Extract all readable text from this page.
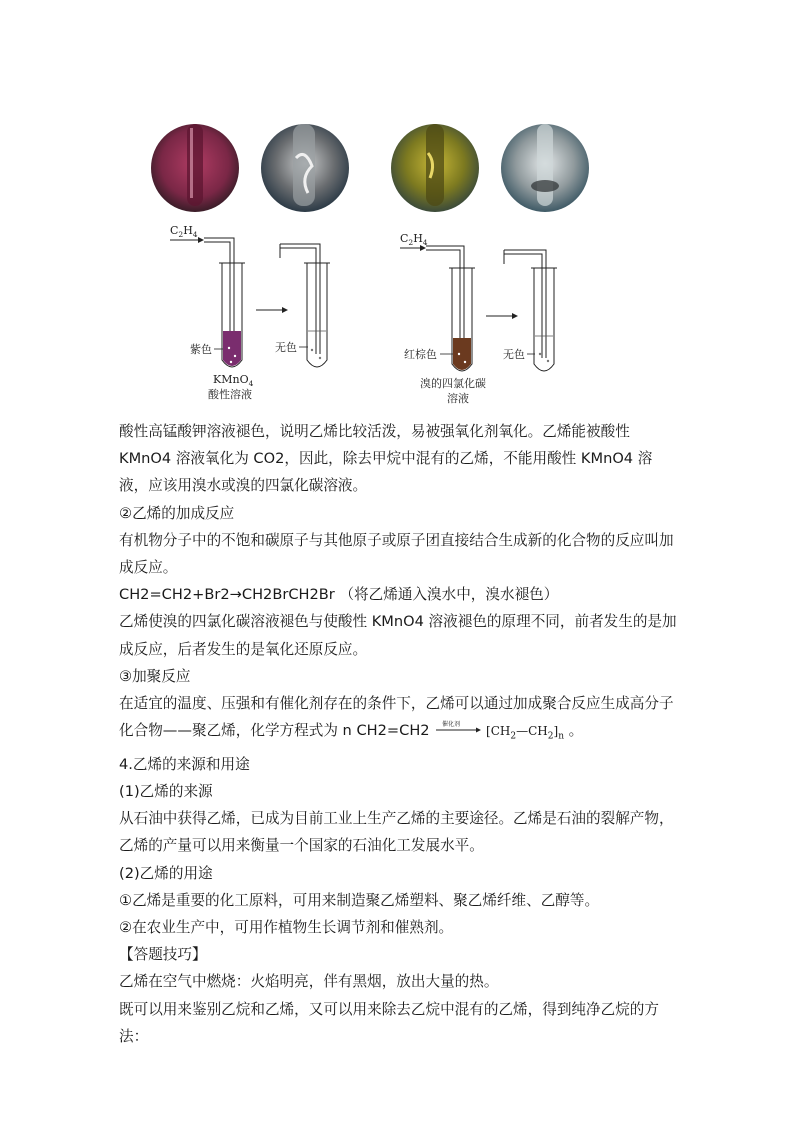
$C_2H_4$
紫色
KMnO$_4$
酸性溶液
无色
$C_2H_4$
红棕色
溴的四氯化碳
溶液
无色

酸性高锰酸钾溶液褪色，说明乙烯比较活泼，易被强氧化剂氧化。乙烯能被酸性 KMnO4 溶液氧化为 CO2，因此，除去甲烷中混有的乙烯，不能用酸性 KMnO4 溶液，应该用溴水或溴的四氯化碳溶液。

②乙烯的加成反应

有机物分子中的不饱和碳原子与其他原子或原子团直接结合生成新的化合物的反应叫加成反应。

CH2=CH2+Br2→CH2BrCH2Br （将乙烯通入溴水中，溴水褪色）

乙烯使溴的四氯化碳溶液褪色与使酸性 KMnO4 溶液褪色的原理不同，前者发生的是加成反应，后者发生的是氧化还原反应。

③加聚反应

在适宜的温度、压强和有催化剂存在的条件下，乙烯可以通过加成聚合反应生成高分子化合物——聚乙烯，化学方程式为 n CH2=CH2 催化剂
$[CH_2—CH_2]_n$ 。

4.乙烯的来源和用途

(1)乙烯的来源

从石油中获得乙烯，已成为目前工业上生产乙烯的主要途径。乙烯是石油的裂解产物，乙烯的产量可以用来衡量一个国家的石油化工发展水平。

(2)乙烯的用途

①乙烯是重要的化工原料，可用来制造聚乙烯塑料、聚乙烯纤维、乙醇等。

②在农业生产中，可用作植物生长调节剂和催熟剂。

【答题技巧】

乙烯在空气中燃烧：火焰明亮，伴有黑烟，放出大量的热。

既可以用来鉴别乙烷和乙烯，又可以用来除去乙烷中混有的乙烯，得到纯净乙烷的方法：
